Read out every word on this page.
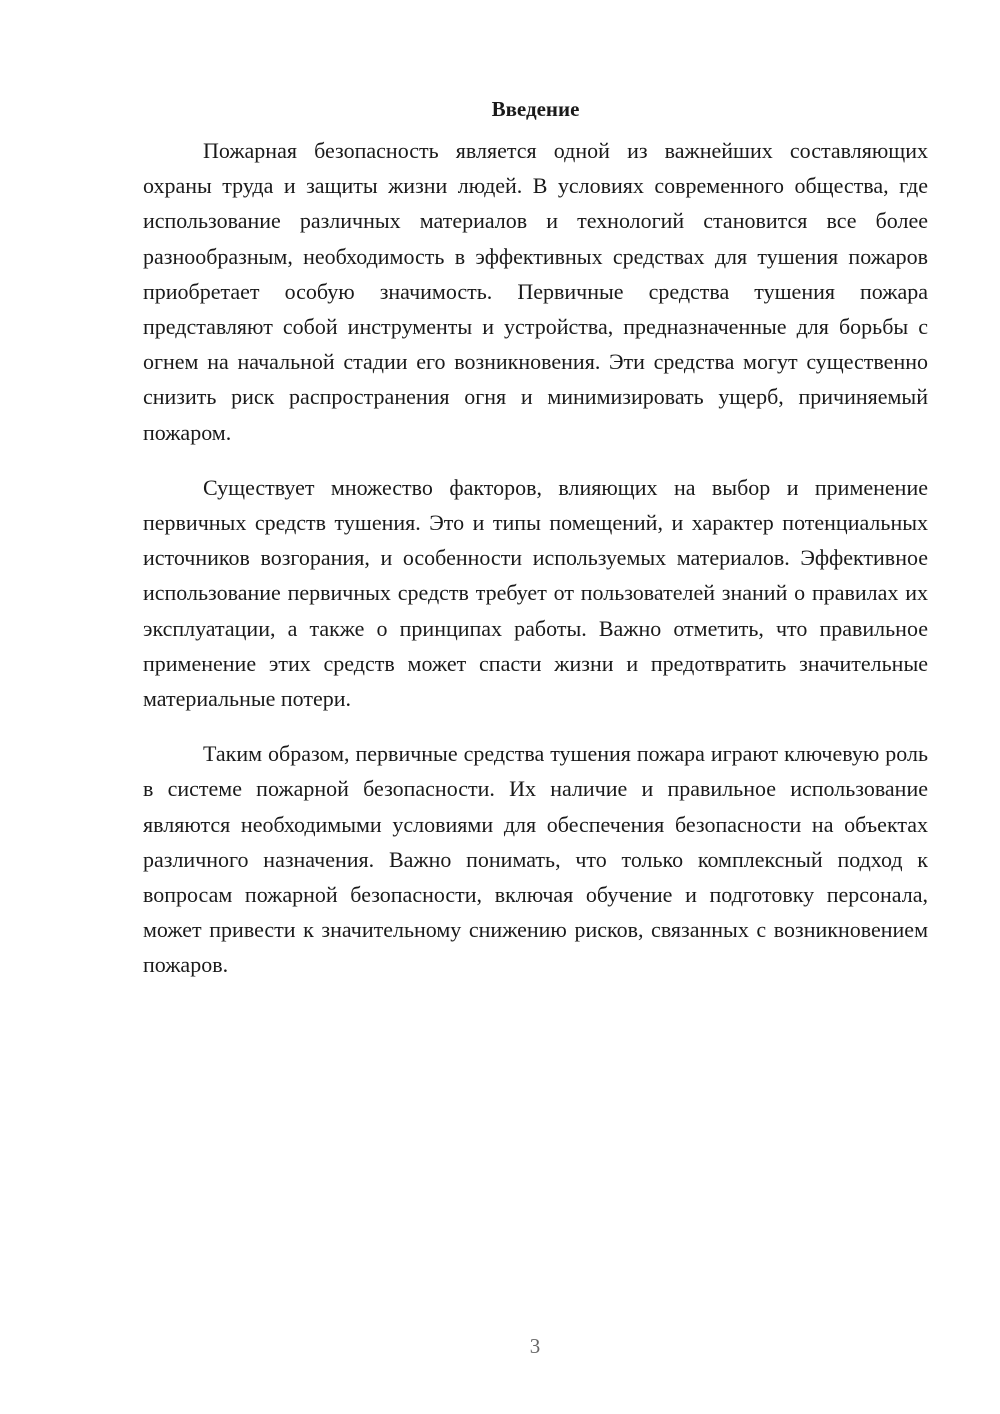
Введение

Пожарная безопасность является одной из важнейших составляющих охраны труда и защиты жизни людей. В условиях современного общества, где использование различных материалов и технологий становится все более разнообразным, необходимость в эффективных средствах для тушения пожаров приобретает особую значимость. Первичные средства тушения пожара представляют собой инструменты и устройства, предназначенные для борьбы с огнем на начальной стадии его возникновения. Эти средства могут существенно снизить риск распространения огня и минимизировать ущерб, причиняемый пожаром.

Существует множество факторов, влияющих на выбор и применение первичных средств тушения. Это и типы помещений, и характер потенциальных источников возгорания, и особенности используемых материалов. Эффективное использование первичных средств требует от пользователей знаний о правилах их эксплуатации, а также о принципах работы. Важно отметить, что правильное применение этих средств может спасти жизни и предотвратить значительные материальные потери.

Таким образом, первичные средства тушения пожара играют ключевую роль в системе пожарной безопасности. Их наличие и правильное использование являются необходимыми условиями для обеспечения безопасности на объектах различного назначения. Важно понимать, что только комплексный подход к вопросам пожарной безопасности, включая обучение и подготовку персонала, может привести к значительному снижению рисков, связанных с возникновением пожаров.

3
